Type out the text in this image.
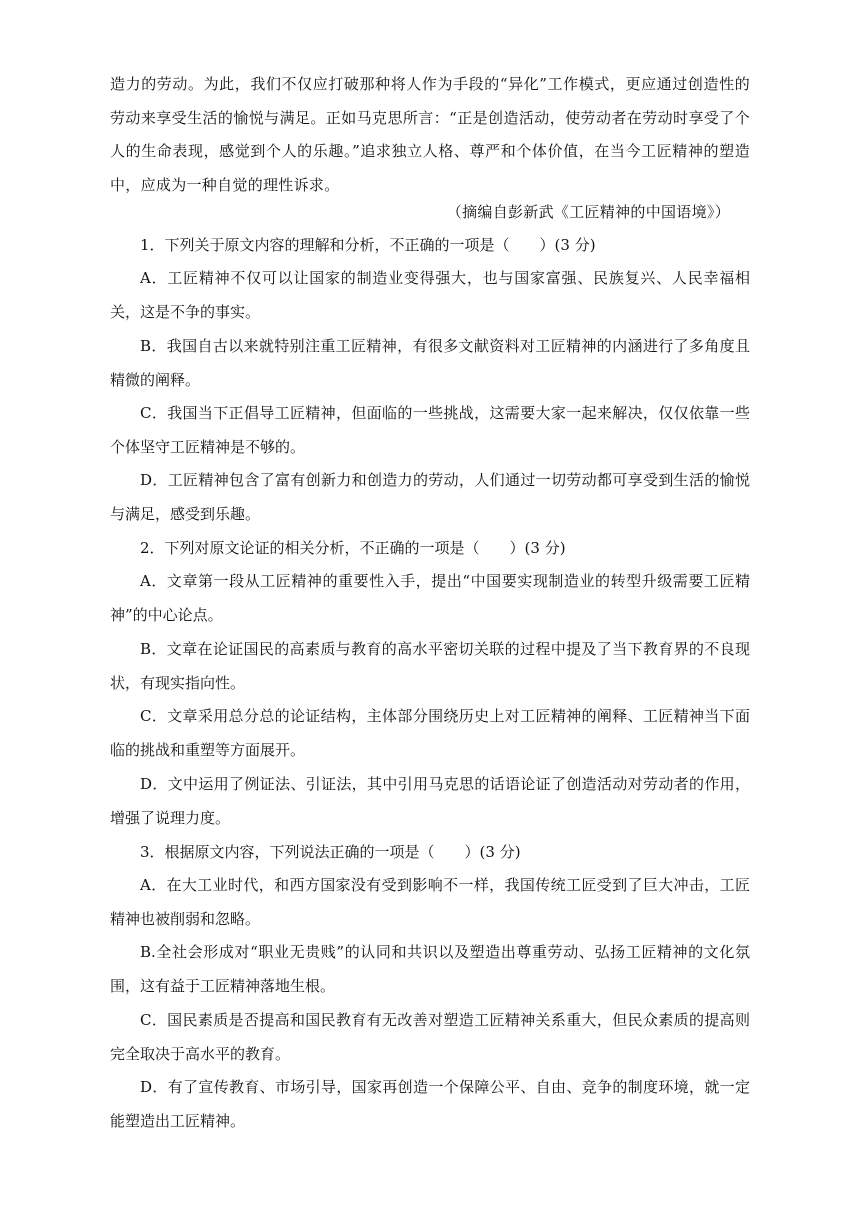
造力的劳动。为此，我们不仅应打破那种将人作为手段的“异化”工作模式，更应通过创造性的劳动来享受生活的愉悦与满足。正如马克思所言：“正是创造活动，使劳动者在劳动时享受了个人的生命表现，感觉到个人的乐趣。”追求独立人格、尊严和个体价值，在当今工匠精神的塑造中，应成为一种自觉的理性诉求。

（摘编自彭新武《工匠精神的中国语境》）

1．下列关于原文内容的理解和分析，不正确的一项是（　　）(3 分)

A．工匠精神不仅可以让国家的制造业变得强大，也与国家富强、民族复兴、人民幸福相关，这是不争的事实。

B．我国自古以来就特别注重工匠精神，有很多文献资料对工匠精神的内涵进行了多角度且精微的阐释。

C．我国当下正倡导工匠精神，但面临的一些挑战，这需要大家一起来解决，仅仅依靠一些个体坚守工匠精神是不够的。

D．工匠精神包含了富有创新力和创造力的劳动，人们通过一切劳动都可享受到生活的愉悦与满足，感受到乐趣。

2．下列对原文论证的相关分析，不正确的一项是（　　）(3 分)

A．文章第一段从工匠精神的重要性入手，提出“中国要实现制造业的转型升级需要工匠精神”的中心论点。

B．文章在论证国民的高素质与教育的高水平密切关联的过程中提及了当下教育界的不良现状，有现实指向性。

C．文章采用总分总的论证结构，主体部分围绕历史上对工匠精神的阐释、工匠精神当下面临的挑战和重塑等方面展开。

D．文中运用了例证法、引证法，其中引用马克思的话语论证了创造活动对劳动者的作用，增强了说理力度。

3．根据原文内容，下列说法正确的一项是（　　）(3 分)

A．在大工业时代，和西方国家没有受到影响不一样，我国传统工匠受到了巨大冲击，工匠精神也被削弱和忽略。

B.全社会形成对“职业无贵贱”的认同和共识以及塑造出尊重劳动、弘扬工匠精神的文化氛围，这有益于工匠精神落地生根。

C．国民素质是否提高和国民教育有无改善对塑造工匠精神关系重大，但民众素质的提高则完全取决于高水平的教育。

D．有了宣传教育、市场引导，国家再创造一个保障公平、自由、竞争的制度环境，就一定能塑造出工匠精神。
